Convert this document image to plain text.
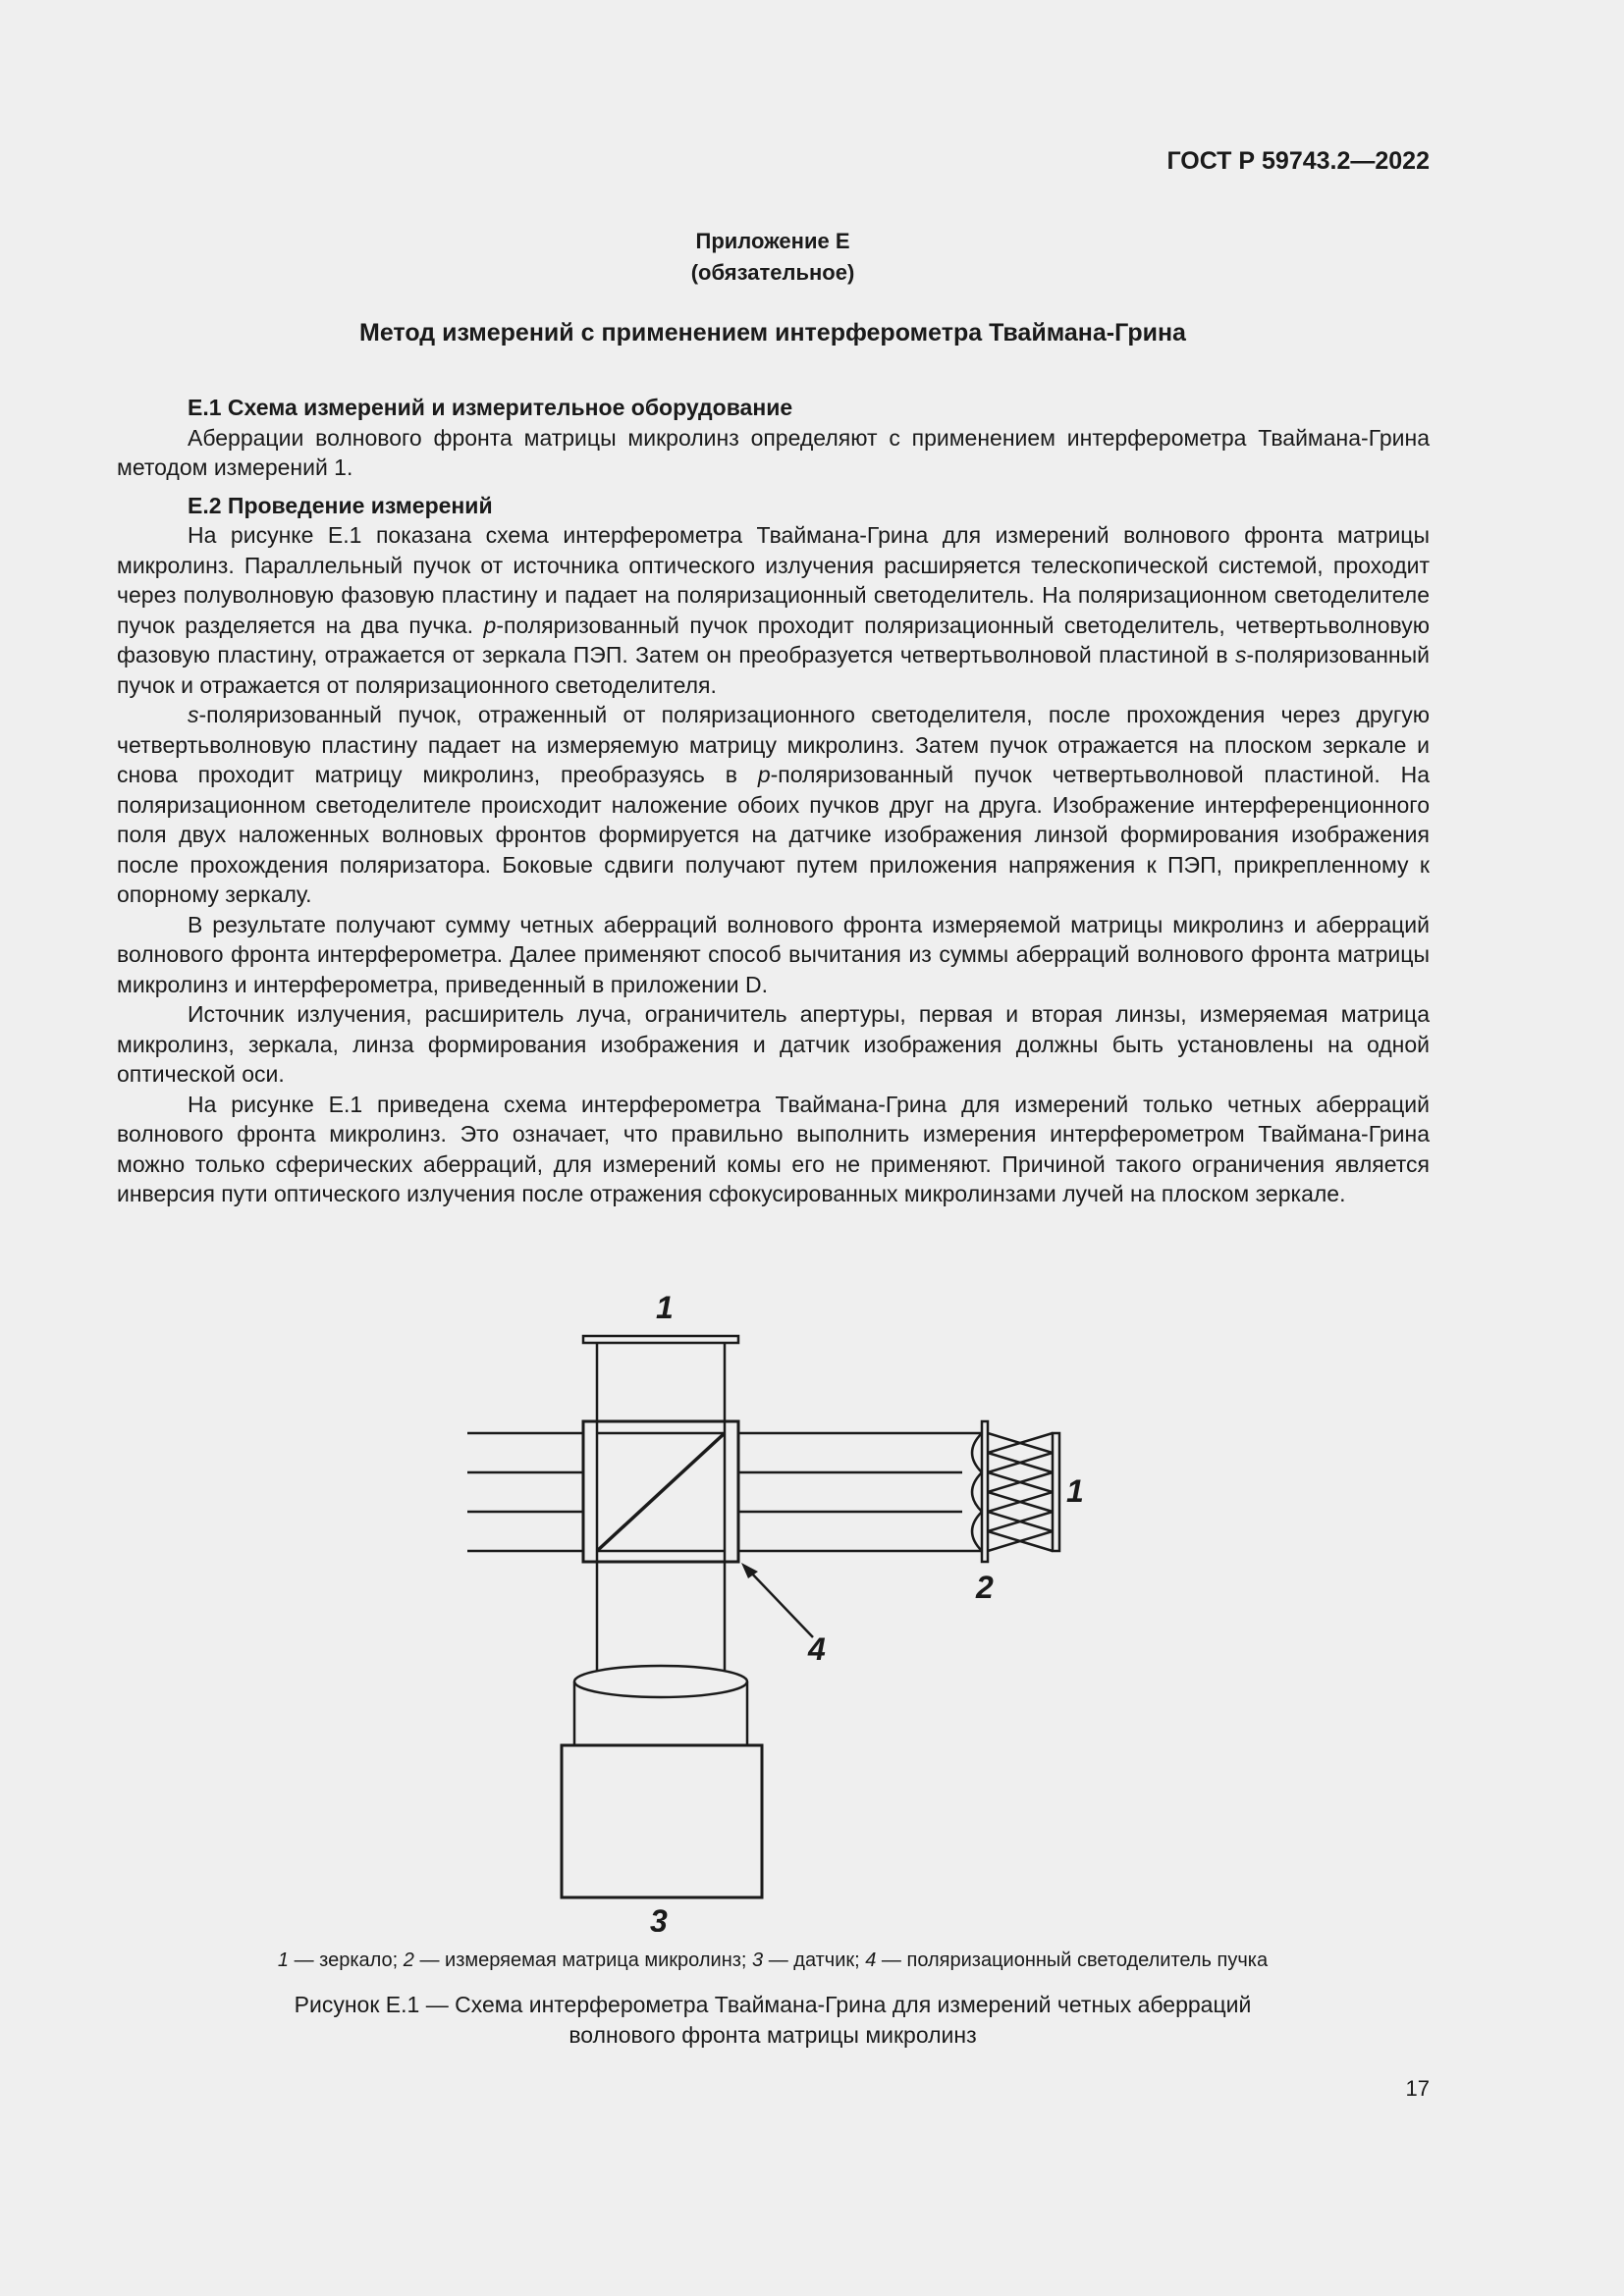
ГОСТ Р 59743.2—2022
Приложение Е
(обязательное)
Метод измерений с применением интерферометра Тваймана-Грина
Е.1 Схема измерений и измерительное оборудование

Аберрации волнового фронта матрицы микролинз определяют с применением интерферометра Тваймана-Грина методом измерений 1.

Е.2 Проведение измерений

На рисунке Е.1 показана схема интерферометра Тваймана-Грина для измерений волнового фронта матрицы микролинз. Параллельный пучок от источника оптического излучения расширяется телескопической системой, проходит через полуволновую фазовую пластину и падает на поляризационный светоделитель. На поляризационном светоделителе пучок разделяется на два пучка. p-поляризованный пучок проходит поляризационный светоделитель, четвертьволновую фазовую пластину, отражается от зеркала ПЭП. Затем он преобразуется четвертьволновой пластиной в s-поляризованный пучок и отражается от поляризационного светоделителя.

s-поляризованный пучок, отраженный от поляризационного светоделителя, после прохождения через другую четвертьволновую пластину падает на измеряемую матрицу микролинз. Затем пучок отражается на плоском зеркале и снова проходит матрицу микролинз, преобразуясь в p-поляризованный пучок четвертьволновой пластиной. На поляризационном светоделителе происходит наложение обоих пучков друг на друга. Изображение интерференционного поля двух наложенных волновых фронтов формируется на датчике изображения линзой формирования изображения после прохождения поляризатора. Боковые сдвиги получают путем приложения напряжения к ПЭП, прикрепленному к опорному зеркалу.

В результате получают сумму четных аберраций волнового фронта измеряемой матрицы микролинз и аберраций волнового фронта интерферометра. Далее применяют способ вычитания из суммы аберраций волнового фронта матрицы микролинз и интерферометра, приведенный в приложении D.

Источник излучения, расширитель луча, ограничитель апертуры, первая и вторая линзы, измеряемая матрица микролинз, зеркала, линза формирования изображения и датчик изображения должны быть установлены на одной оптической оси.

На рисунке Е.1 приведена схема интерферометра Тваймана-Грина для измерений только четных аберраций волнового фронта микролинз. Это означает, что правильно выполнить измерения интерферометром Тваймана-Грина можно только сферических аберраций, для измерений комы его не применяют. Причиной такого ограничения является инверсия пути оптического излучения после отражения сфокусированных микролинзами лучей на плоском зеркале.

1
1
2
3
4
1 — зеркало; 2 — измеряемая матрица микролинз; 3 — датчик; 4 — поляризационный светоделитель пучка
Рисунок Е.1 — Схема интерферометра Тваймана-Грина для измерений четных аберраций
волнового фронта матрицы микролинз
17
